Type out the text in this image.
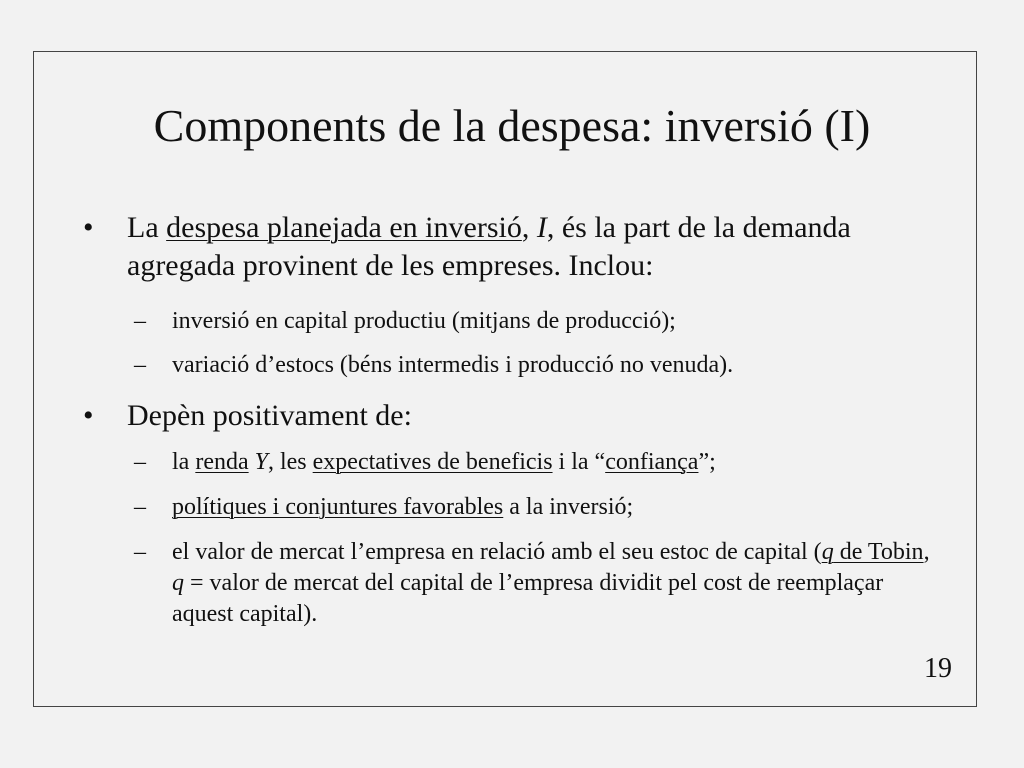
Components de la despesa: inversió (I)
• La despesa planejada en inversió, I, és la part de la demanda agregada provinent de les empreses. Inclou:
– inversió en capital productiu (mitjans de producció);
– variació d’estocs (béns intermedis i producció no venuda).
• Depèn positivament de:
– la renda Y, les expectatives de beneficis i la “confiança”;
– polítiques i conjuntures favorables a la inversió;
– el valor de mercat l’empresa en relació amb el seu estoc de capital (q de Tobin, q = valor de mercat del capital de l’empresa dividit pel cost de reemplaçar aquest capital).
19
